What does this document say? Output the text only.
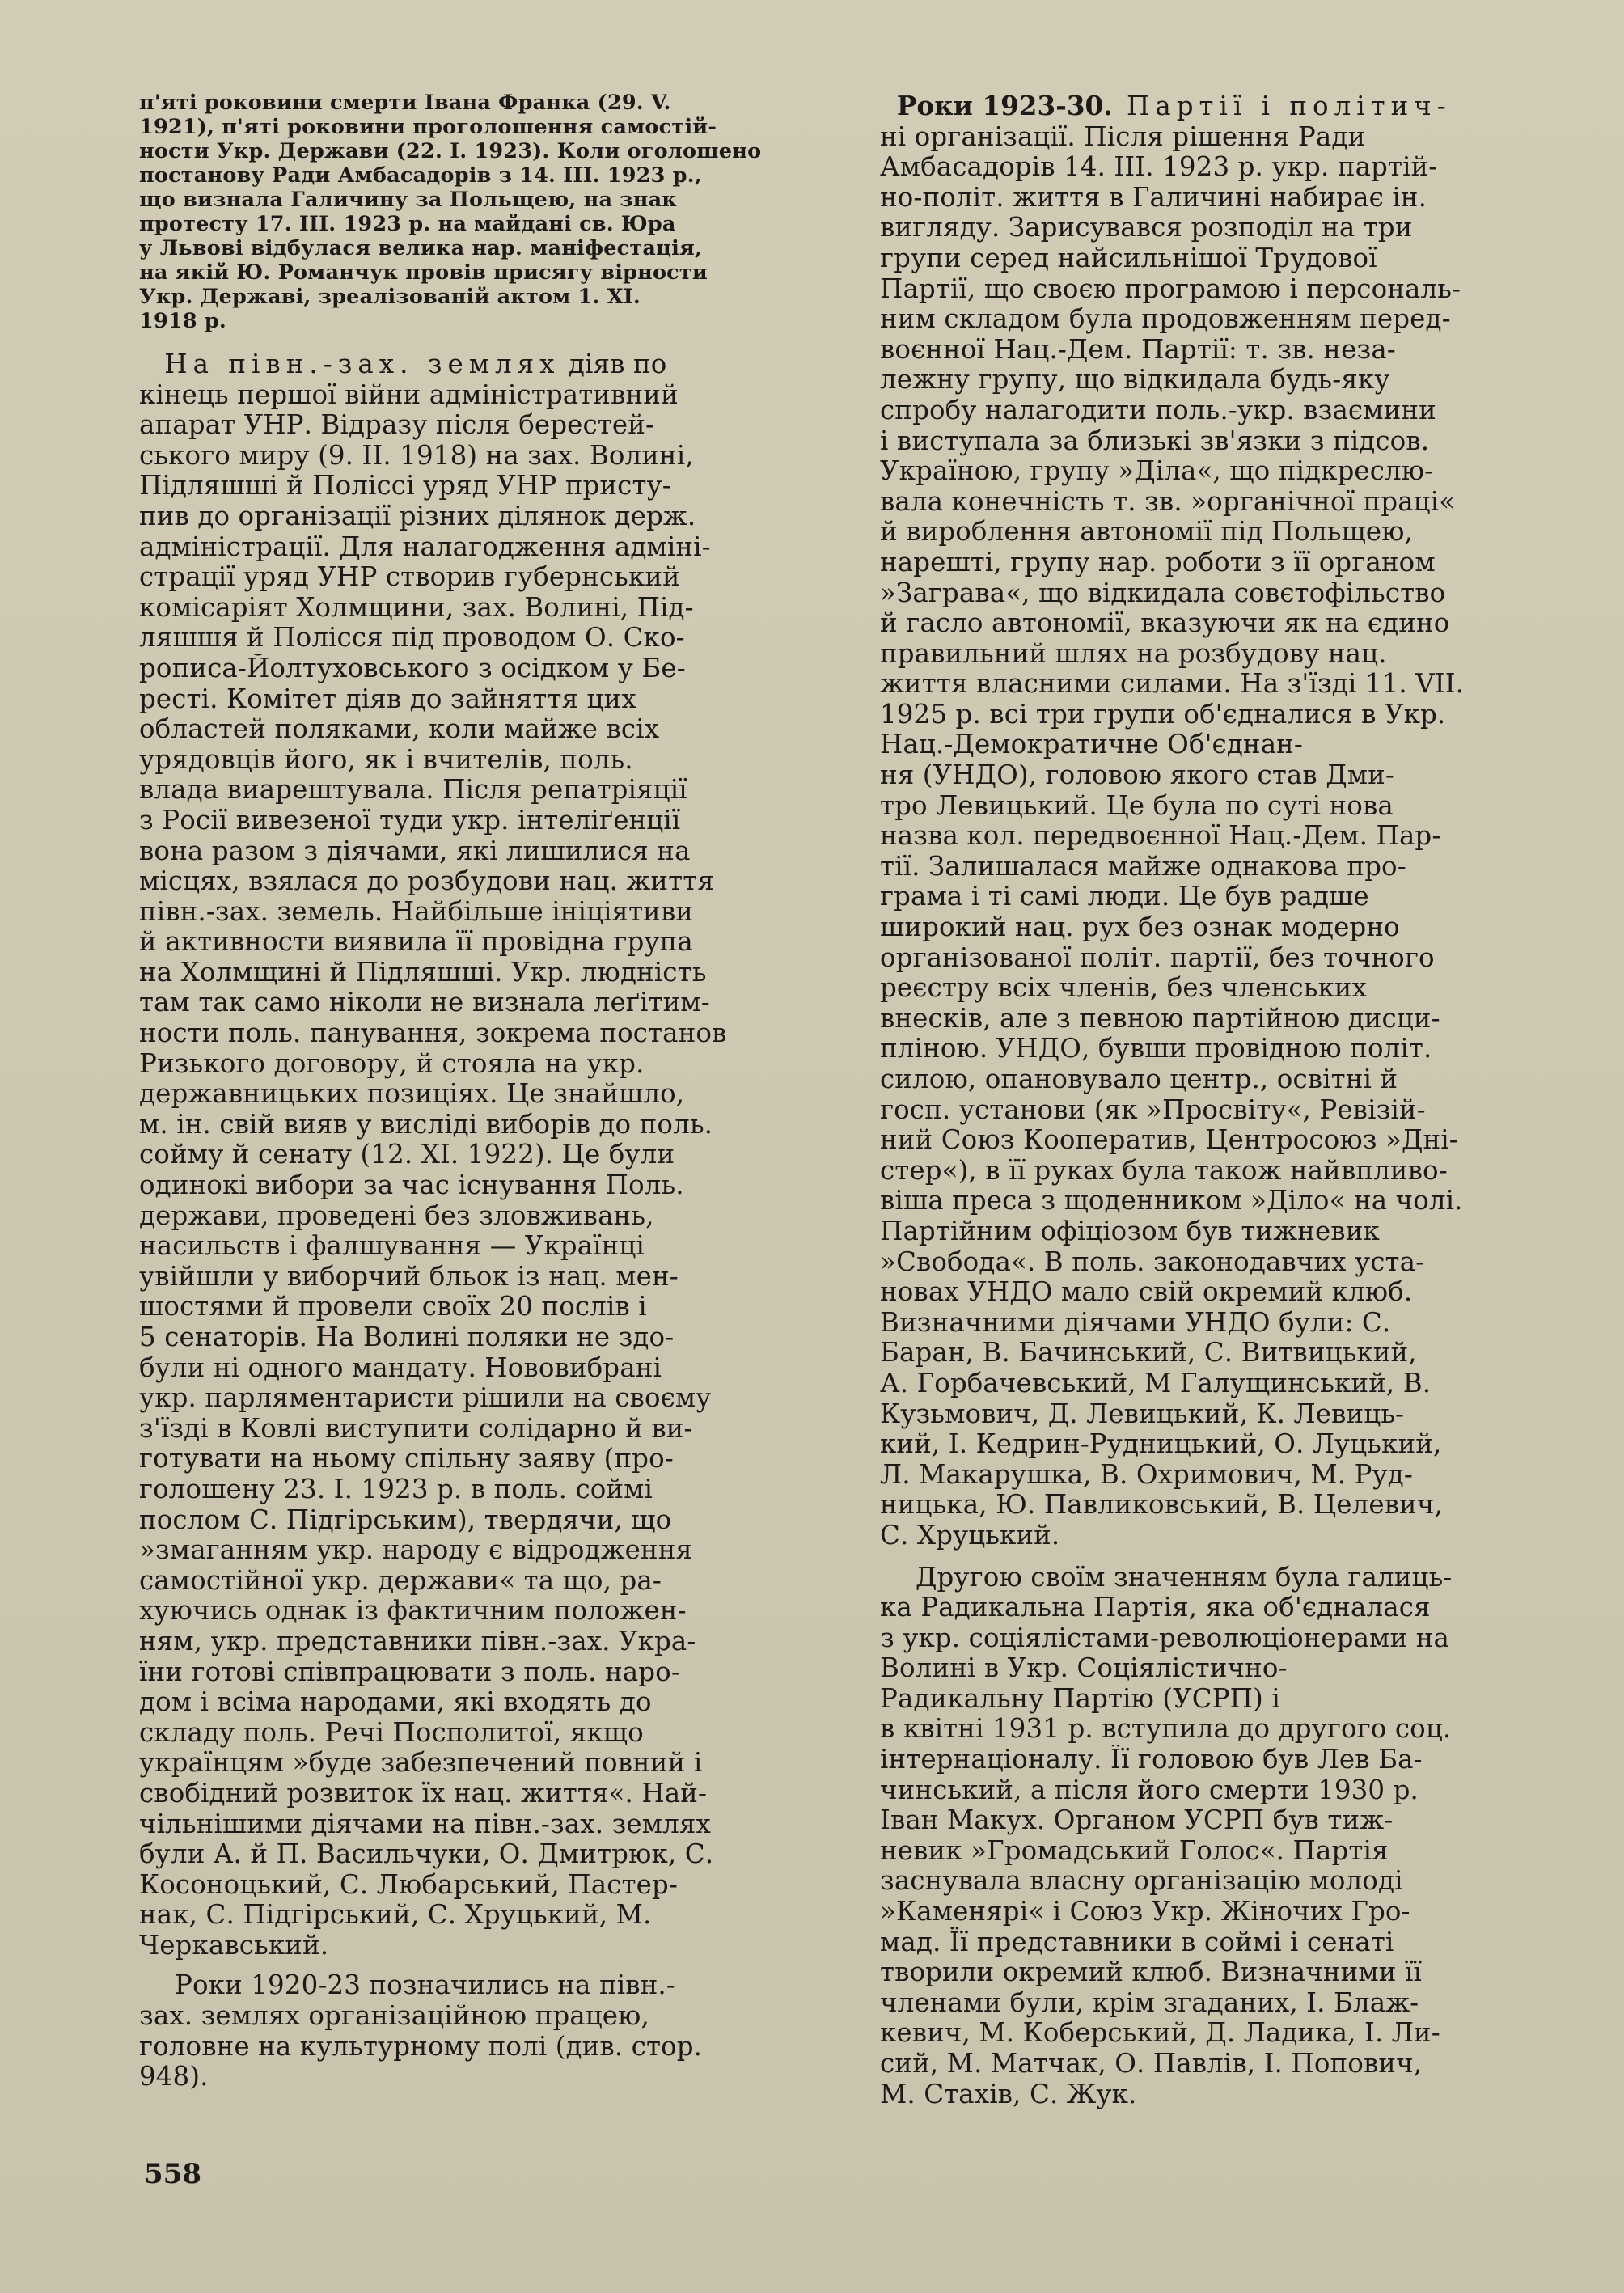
п'яті роковини смерти Івана Франка (29. V.
1921), п'яті роковини проголошення самостій-
ности Укр. Держави (22. I. 1923). Коли оголошено
постанову Ради Амбасадорів з 14. III. 1923 р.,
що визнала Галичину за Польщею, на знак
протесту 17. III. 1923 р. на майдані св. Юра
у Львові відбулася велика нар. маніфестація,
на якій Ю. Романчук провів присягу вірности
Укр. Державі, зреалізованій актом 1. XI.
1918 р.
На півн.-зах. землях діяв по
кінець першої війни адміністративний
апарат УНР. Відразу після берестей-
ського миру (9. II. 1918) на зах. Волині,
Підляшші й Поліссі уряд УНР присту-
пив до організації різних ділянок держ.
адміністрації. Для налагодження адміні-
страції уряд УНР створив губернський
комісаріят Холмщини, зах. Волині, Під-
ляшшя й Полісся під проводом О. Ско-
рописа-Йолтуховського з осідком у Бе-
ресті. Комітет діяв до зайняття цих
областей поляками, коли майже всіх
урядовців його, як і вчителів, поль.
влада виарештувала. Після репатріяції
з Росії вивезеної туди укр. інтеліґенції
вона разом з діячами, які лишилися на
місцях, взялася до розбудови нац. життя
півн.-зах. земель. Найбільше ініціятиви
й активности виявила її провідна група
на Холмщині й Підляшші. Укр. людність
там так само ніколи не визнала леґітим-
ности поль. панування, зокрема постанов
Ризького договору, й стояла на укр.
державницьких позиціях. Це знайшло,
м. ін. свій вияв у висліді виборів до поль.
сойму й сенату (12. XI. 1922). Це були
одинокі вибори за час існування Поль.
держави, проведені без зловживань,
насильств і фалшування — Українці
увійшли у виборчий бльок із нац. мен-
шостями й провели своїх 20 послів і
5 сенаторів. На Волині поляки не здо-
були ні одного мандату. Нововибрані
укр. парляментаристи рішили на своєму
з'їзді в Ковлі виступити солідарно й ви-
готувати на ньому спільну заяву (про-
голошену 23. I. 1923 р. в поль. соймі
послом С. Підгірським), твердячи, що
»змаганням укр. народу є відродження
самостійної укр. держави« та що, ра-
хуючись однак із фактичним положен-
ням, укр. представники півн.-зах. Укра-
їни готові співпрацювати з поль. наро-
дом і всіма народами, які входять до
складу поль. Речі Посполитої, якщо
українцям »буде забезпечений повний і
свобідний розвиток їх нац. життя«. Най-
чільнішими діячами на півн.-зах. землях
були А. й П. Васильчуки, О. Дмитрюк, С.
Косоноцький, С. Любарський, Пастер-
нак, С. Підгірський, С. Хруцький, М.
Черкавський.
Роки 1920-23 позначились на півн.-
зах. землях організаційною працею,
головне на культурному полі (див. стор.
948).
Роки 1923-30. Партії і політич-
ні організації. Після рішення Ради
Амбасадорів 14. III. 1923 р. укр. партій-
но-політ. життя в Галичині набирає ін.
вигляду. Зарисувався розподіл на три
групи серед найсильнішої Трудової
Партії, що своєю програмою і персональ-
ним складом була продовженням перед-
воєнної Нац.-Дем. Партії: т. зв. неза-
лежну групу, що відкидала будь-яку
спробу налагодити поль.-укр. взаємини
і виступала за близькі зв'язки з підсов.
Україною, групу »Діла«, що підкреслю-
вала конечність т. зв. »органічної праці«
й вироблення автономії під Польщею,
нарешті, групу нар. роботи з її органом
»Заграва«, що відкидала совєтофільство
й гасло автономії, вказуючи як на єдино
правильний шлях на розбудову нац.
життя власними силами. На з'їзді 11. VII.
1925 р. всі три групи об'єдналися в Укр.
Нац.-Демократичне Об'єднан-
ня (УНДО), головою якого став Дми-
тро Левицький. Це була по суті нова
назва кол. передвоєнної Нац.-Дем. Пар-
тії. Залишалася майже однакова про-
грама і ті самі люди. Це був радше
широкий нац. рух без ознак модерно
організованої політ. партії, без точного
реєстру всіх членів, без членських
внесків, але з певною партійною дисци-
пліною. УНДО, бувши провідною політ.
силою, опановувало центр., освітні й
госп. установи (як »Просвіту«, Ревізій-
ний Союз Кооператив, Центросоюз »Дні-
стер«), в її руках була також найвпливо-
віша преса з щоденником »Діло« на чолі.
Партійним офіціозом був тижневик
»Свобода«. В поль. законодавчих уста-
новах УНДО мало свій окремий клюб.
Визначними діячами УНДО були: С.
Баран, В. Бачинський, С. Витвицький,
А. Горбачевський, М Галущинський, В.
Кузьмович, Д. Левицький, К. Левиць-
кий, І. Кедрин-Рудницький, О. Луцький,
Л. Макарушка, В. Охримович, М. Руд-
ницька, Ю. Павликовський, В. Целевич,
С. Хруцький.
Другою своїм значенням була галиць-
ка Радикальна Партія, яка об'єдналася
з укр. соціялістами-революціонерами на
Волині в Укр. Соціялістично-
Радикальну Партію (УСРП) і
в квітні 1931 р. вступила до другого соц.
інтернаціоналу. Її головою був Лев Ба-
чинський, а після його смерти 1930 р.
Іван Макух. Органом УСРП був тиж-
невик »Громадський Голос«. Партія
заснувала власну організацію молоді
»Каменярі« і Союз Укр. Жіночих Гро-
мад. Її представники в соймі і сенаті
творили окремий клюб. Визначними її
членами були, крім згаданих, І. Блаж-
кевич, М. Коберський, Д. Ладика, І. Ли-
сий, М. Матчак, О. Павлів, І. Попович,
М. Стахів, С. Жук.
558
